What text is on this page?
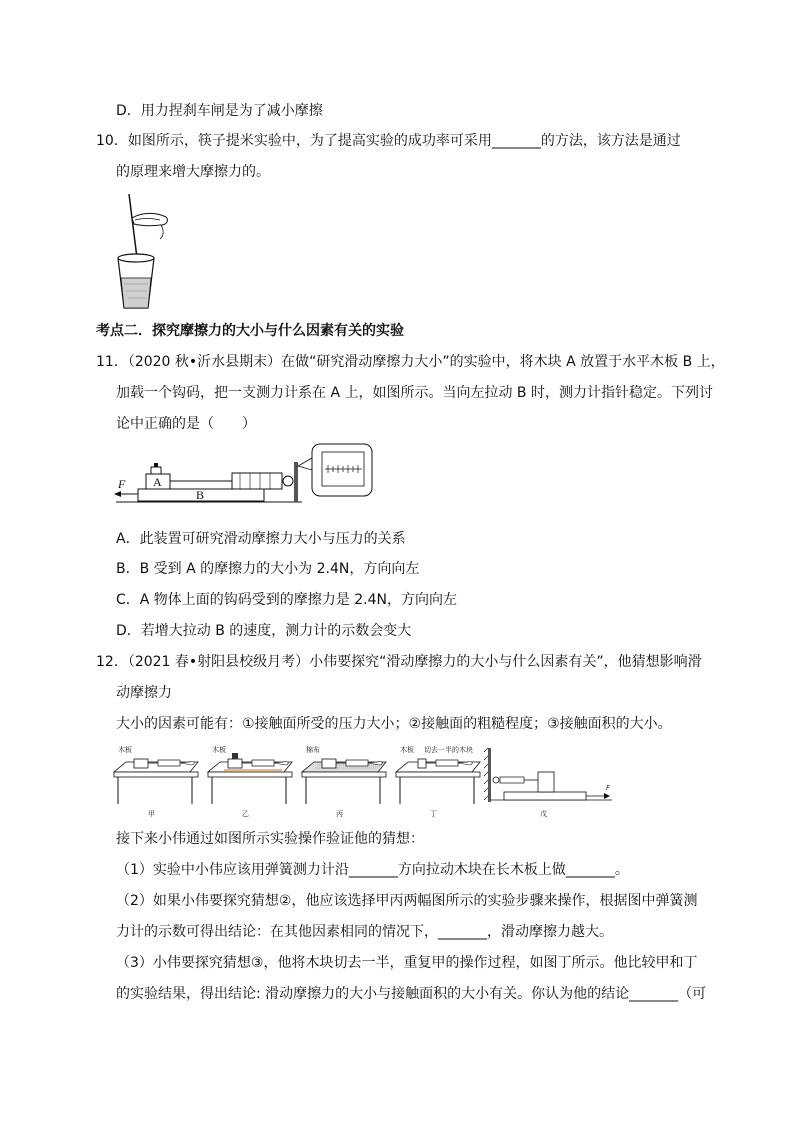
D．用力捏刹车闸是为了减小摩擦
10．如图所示，筷子提米实验中，为了提高实验的成功率可采用_______的方法，该方法是通过
的原理来增大摩擦力的。
考点二．探究摩擦力的大小与什么因素有关的实验
11．（2020 秋•沂水县期末）在做“研究滑动摩擦力大小”的实验中，将木块 A 放置于水平木板 B 上，
加载一个钩码，把一支测力计系在 A 上，如图所示。当向左拉动 B 时，测力计指针稳定。下列讨
论中正确的是（　　）
B
A
F
A．此装置可研究滑动摩擦力大小与压力的关系
B．B 受到 A 的摩擦力的大小为 2.4N，方向向左
C．A 物体上面的钩码受到的摩擦力是 2.4N，方向向左
D．若增大拉动 B 的速度，测力计的示数会变大
12．（2021 春•射阳县校级月考）小伟要探究“滑动摩擦力的大小与什么因素有关”，他猜想影响滑
动摩擦力
大小的因素可能有：①接触面所受的压力大小；②接触面的粗糙程度；③接触面积的大小。
木板
甲
木板
乙
棉布
丙
木板 切去一半的木块
丁
F
戊
接下来小伟通过如图所示实验操作验证他的猜想：
（1）实验中小伟应该用弹簧测力计沿_______方向拉动木块在长木板上做_______。
（2）如果小伟要探究猜想②，他应该选择甲丙两幅图所示的实验步骤来操作，根据图中弹簧测
力计的示数可得出结论：在其他因素相同的情况下，_______，滑动摩擦力越大。
（3）小伟要探究猜想③，他将木块切去一半，重复甲的操作过程，如图丁所示。他比较甲和丁
的实验结果，得出结论: 滑动摩擦力的大小与接触面积的大小有关。你认为他的结论_______（可
